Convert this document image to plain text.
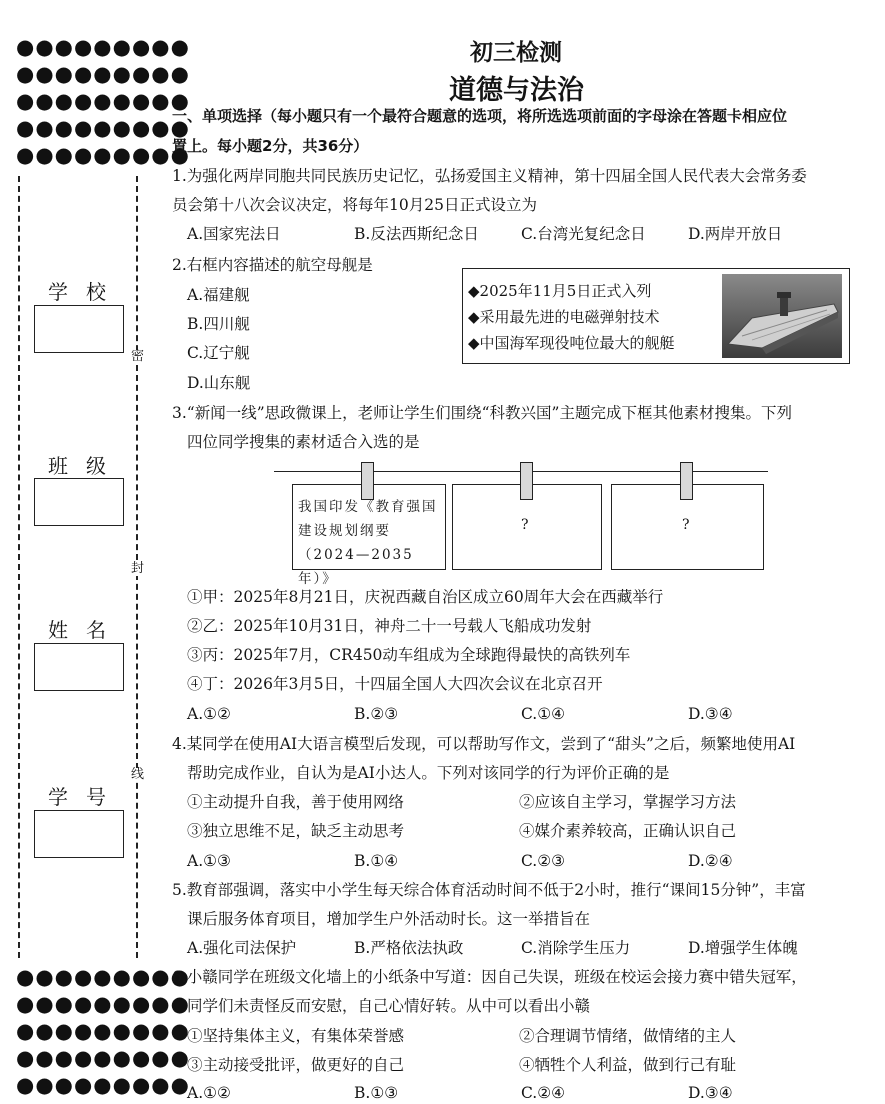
●●●●●●●●●
●●●●●●●●●
●●●●●●●●●
●●●●●●●●●
●●●●●●●●●
密
封
线
学校
班级
姓名
学号
●●●●●●●●●
●●●●●●●●●
●●●●●●●●●
●●●●●●●●●
●●●●●●●●●
初三检测
道德与法治
一、单项选择（每小题只有一个最符合题意的选项，将所选选项前面的字母涂在答题卡相应位
置上。每小题2分，共36分）
1.为强化两岸同胞共同民族历史记忆，弘扬爱国主义精神，第十四届全国人民代表大会常务委
员会第十八次会议决定，将每年10月25日正式设立为
A.国家宪法日	B.反法西斯纪念日	C.台湾光复纪念日	D.两岸开放日
2.右框内容描述的航空母舰是
A.福建舰
B.四川舰
C.辽宁舰
D.山东舰
◆2025年11月5日正式入列
◆采用最先进的电磁弹射技术
◆中国海军现役吨位最大的舰艇
3.“新闻一线”思政微课上，老师让学生们围绕“科教兴国”主题完成下框其他素材搜集。下列
四位同学搜集的素材适合入选的是
我国印发《教育强国建设规划纲要（2024—2035年）》
?	?
①甲：2025年8月21日，庆祝西藏自治区成立60周年大会在西藏举行
②乙：2025年10月31日，神舟二十一号载人飞船成功发射
③丙：2025年7月，CR450动车组成为全球跑得最快的高铁列车
④丁：2026年3月5日，十四届全国人大四次会议在北京召开
A.①②	B.②③	C.①④	D.③④
4.某同学在使用AI大语言模型后发现，可以帮助写作文，尝到了“甜头”之后，频繁地使用AI
帮助完成作业，自认为是AI小达人。下列对该同学的行为评价正确的是
①主动提升自我，善于使用网络	②应该自主学习，掌握学习方法
③独立思维不足，缺乏主动思考	④媒介素养较高，正确认识自己
A.①③	B.①④	C.②③	D.②④
5.教育部强调，落实中小学生每天综合体育活动时间不低于2小时，推行“课间15分钟”，丰富
课后服务体育项目，增加学生户外活动时长。这一举措旨在
A.强化司法保护	B.严格依法执政	C.消除学生压力	D.增强学生体魄
6.小赣同学在班级文化墙上的小纸条中写道：因自己失误，班级在校运会接力赛中错失冠军，
同学们未责怪反而安慰，自己心情好转。从中可以看出小赣
①坚持集体主义，有集体荣誉感	②合理调节情绪，做情绪的主人
③主动接受批评，做更好的自己	④牺牲个人利益，做到行己有耻
A.①②	B.①③	C.②④	D.③④
